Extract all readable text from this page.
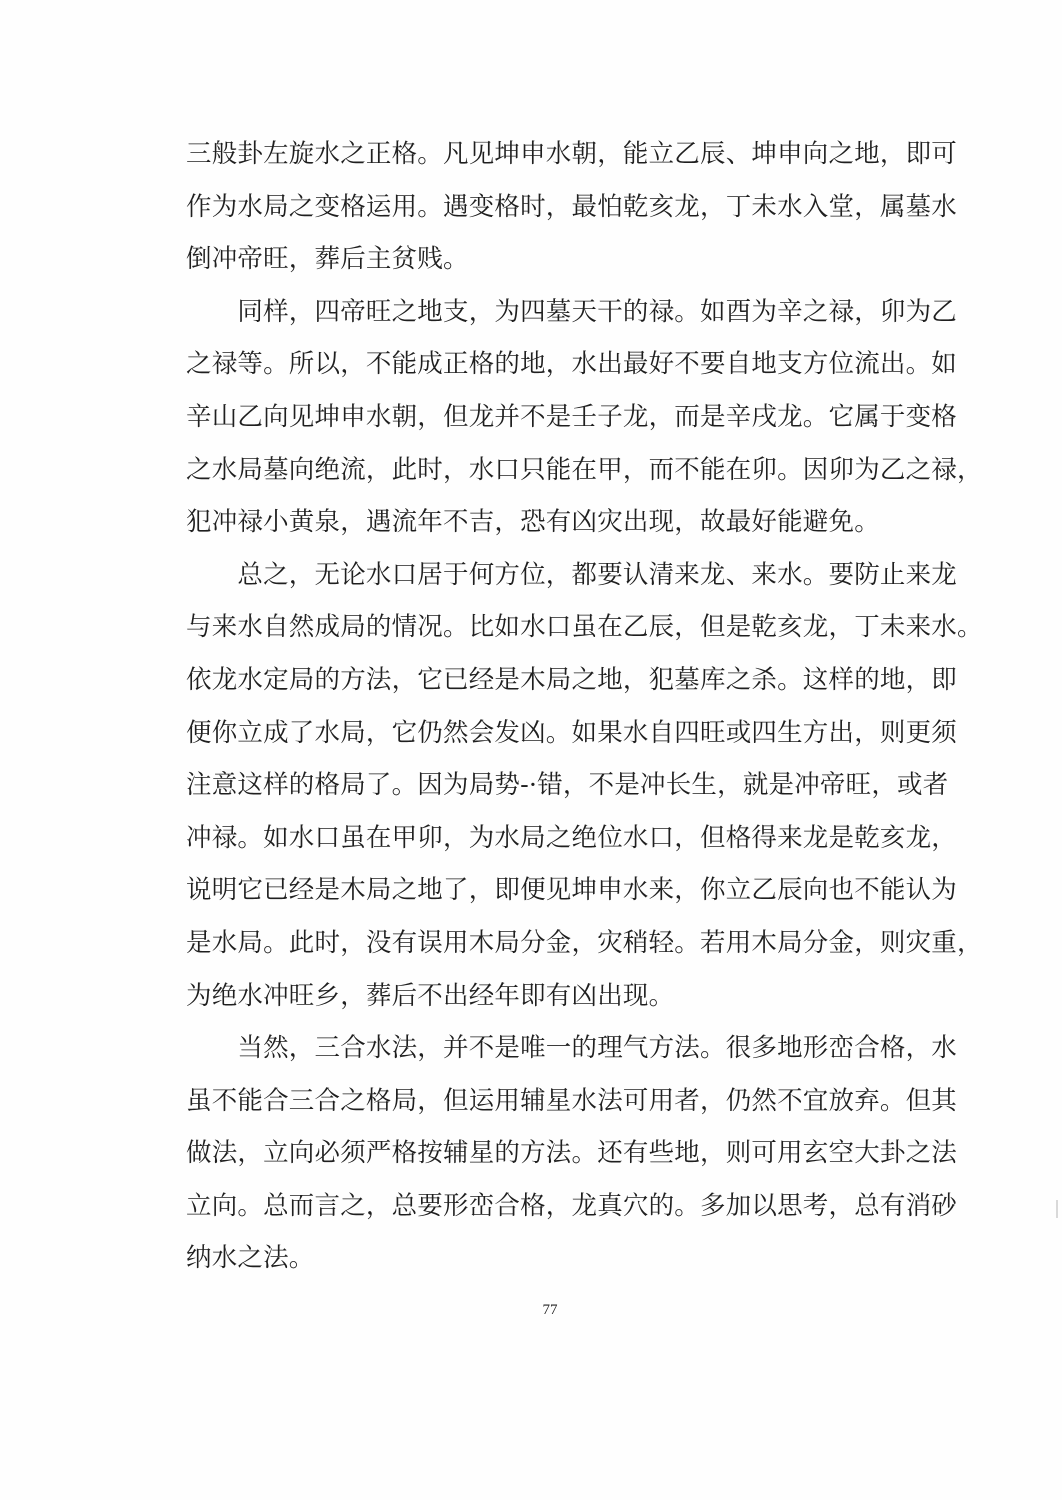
三般卦左旋水之正格。凡见坤申水朝，能立乙辰、坤申向之地，即可
作为水局之变格运用。遇变格时，最怕乾亥龙，丁未水入堂，属墓水
倒冲帝旺，葬后主贫贱。
　　同样，四帝旺之地支，为四墓天干的禄。如酉为辛之禄，卯为乙
之禄等。所以，不能成正格的地，水出最好不要自地支方位流出。如
辛山乙向见坤申水朝，但龙并不是壬子龙，而是辛戌龙。它属于变格
之水局墓向绝流，此时，水口只能在甲，而不能在卯。因卯为乙之禄，
犯冲禄小黄泉，遇流年不吉，恐有凶灾出现，故最好能避免。
　　总之，无论水口居于何方位，都要认清来龙、来水。要防止来龙
与来水自然成局的情况。比如水口虽在乙辰，但是乾亥龙，丁未来水。
依龙水定局的方法，它已经是木局之地，犯墓库之杀。这样的地，即
便你立成了水局，它仍然会发凶。如果水自四旺或四生方出，则更须
注意这样的格局了。因为局势-·错，不是冲长生，就是冲帝旺，或者
冲禄。如水口虽在甲卯，为水局之绝位水口，但格得来龙是乾亥龙，
说明它已经是木局之地了，即便见坤申水来，你立乙辰向也不能认为
是水局。此时，没有误用木局分金，灾稍轻。若用木局分金，则灾重，
为绝水冲旺乡，葬后不出经年即有凶出现。
　　当然，三合水法，并不是唯一的理气方法。很多地形峦合格，水
虽不能合三合之格局，但运用辅星水法可用者，仍然不宜放弃。但其
做法，立向必须严格按辅星的方法。还有些地，则可用玄空大卦之法
立向。总而言之，总要形峦合格，龙真穴的。多加以思考，总有消砂
纳水之法。
77
